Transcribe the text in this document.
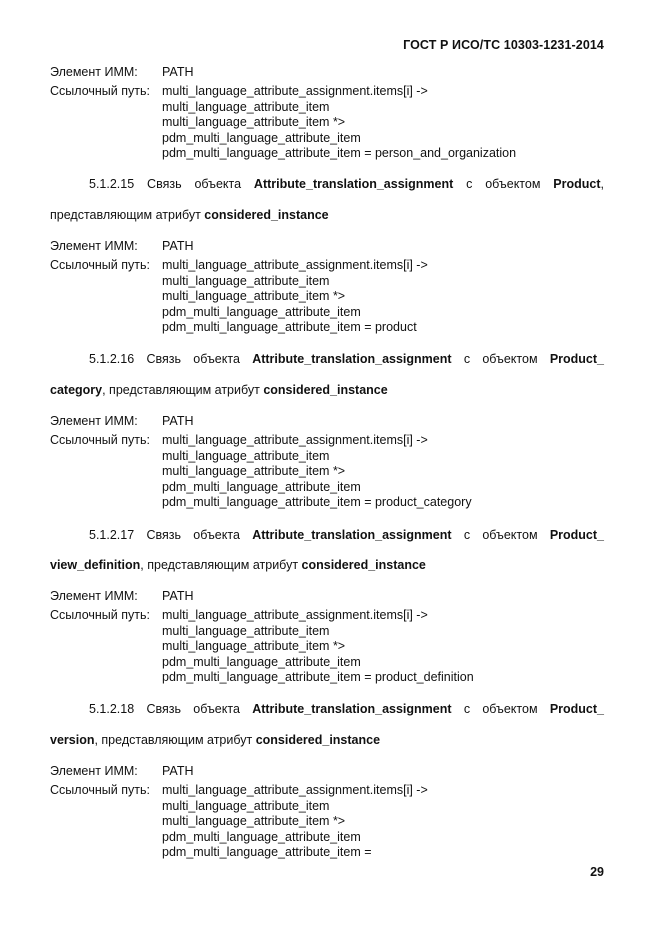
ГОСТ Р ИСО/ТС 10303-1231-2014
Элемент ИММ:	PATH
Ссылочный путь: multi_language_attribute_assignment.items[i] ->
multi_language_attribute_item
multi_language_attribute_item *>
pdm_multi_language_attribute_item
pdm_multi_language_attribute_item = person_and_organization
5.1.2.15 Связь объекта Attribute_translation_assignment с объектом Product,
представляющим атрибут considered_instance
Элемент ИММ:	PATH
Ссылочный путь: multi_language_attribute_assignment.items[i] ->
multi_language_attribute_item
multi_language_attribute_item *>
pdm_multi_language_attribute_item
pdm_multi_language_attribute_item = product
5.1.2.16 Связь объекта Attribute_translation_assignment с объектом Product_
category, представляющим атрибут considered_instance
Элемент ИММ:	PATH
Ссылочный путь: multi_language_attribute_assignment.items[i] ->
multi_language_attribute_item
multi_language_attribute_item *>
pdm_multi_language_attribute_item
pdm_multi_language_attribute_item = product_category
5.1.2.17 Связь объекта Attribute_translation_assignment с объектом Product_
view_definition, представляющим атрибут considered_instance
Элемент ИММ:	PATH
Ссылочный путь: multi_language_attribute_assignment.items[i] ->
multi_language_attribute_item
multi_language_attribute_item *>
pdm_multi_language_attribute_item
pdm_multi_language_attribute_item = product_definition
5.1.2.18 Связь объекта Attribute_translation_assignment с объектом Product_
version, представляющим атрибут considered_instance
Элемент ИММ:	PATH
Ссылочный путь: multi_language_attribute_assignment.items[i] ->
multi_language_attribute_item
multi_language_attribute_item *>
pdm_multi_language_attribute_item
pdm_multi_language_attribute_item =
29
